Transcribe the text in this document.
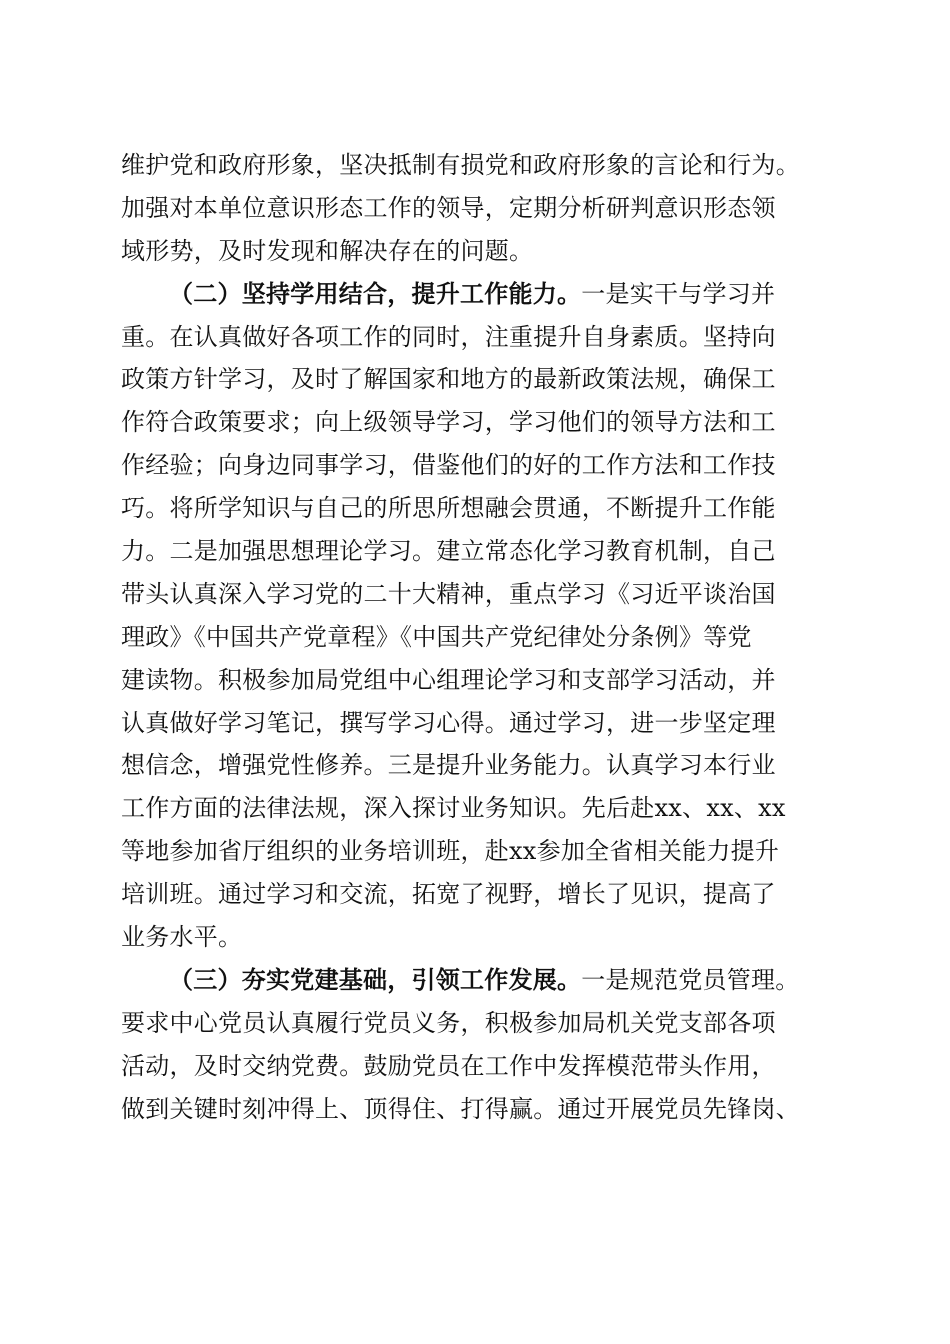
维护党和政府形象，坚决抵制有损党和政府形象的言论和行为。
加强对本单位意识形态工作的领导，定期分析研判意识形态领
域形势，及时发现和解决存在的问题。
（二）坚持学用结合，提升工作能力。一是实干与学习并
重。在认真做好各项工作的同时，注重提升自身素质。坚持向
政策方针学习，及时了解国家和地方的最新政策法规，确保工
作符合政策要求；向上级领导学习，学习他们的领导方法和工
作经验；向身边同事学习，借鉴他们的好的工作方法和工作技
巧。将所学知识与自己的所思所想融会贯通，不断提升工作能
力。二是加强思想理论学习。建立常态化学习教育机制，自己
带头认真深入学习党的二十大精神，重点学习《习近平谈治国
理政》《中国共产党章程》《中国共产党纪律处分条例》等党
建读物。积极参加局党组中心组理论学习和支部学习活动，并
认真做好学习笔记，撰写学习心得。通过学习，进一步坚定理
想信念，增强党性修养。三是提升业务能力。认真学习本行业
工作方面的法律法规，深入探讨业务知识。先后赴xx、xx、xx
等地参加省厅组织的业务培训班，赴xx参加全省相关能力提升
培训班。通过学习和交流，拓宽了视野，增长了见识，提高了
业务水平。
（三）夯实党建基础，引领工作发展。一是规范党员管理。
要求中心党员认真履行党员义务，积极参加局机关党支部各项
活动，及时交纳党费。鼓励党员在工作中发挥模范带头作用，
做到关键时刻冲得上、顶得住、打得赢。通过开展党员先锋岗、
